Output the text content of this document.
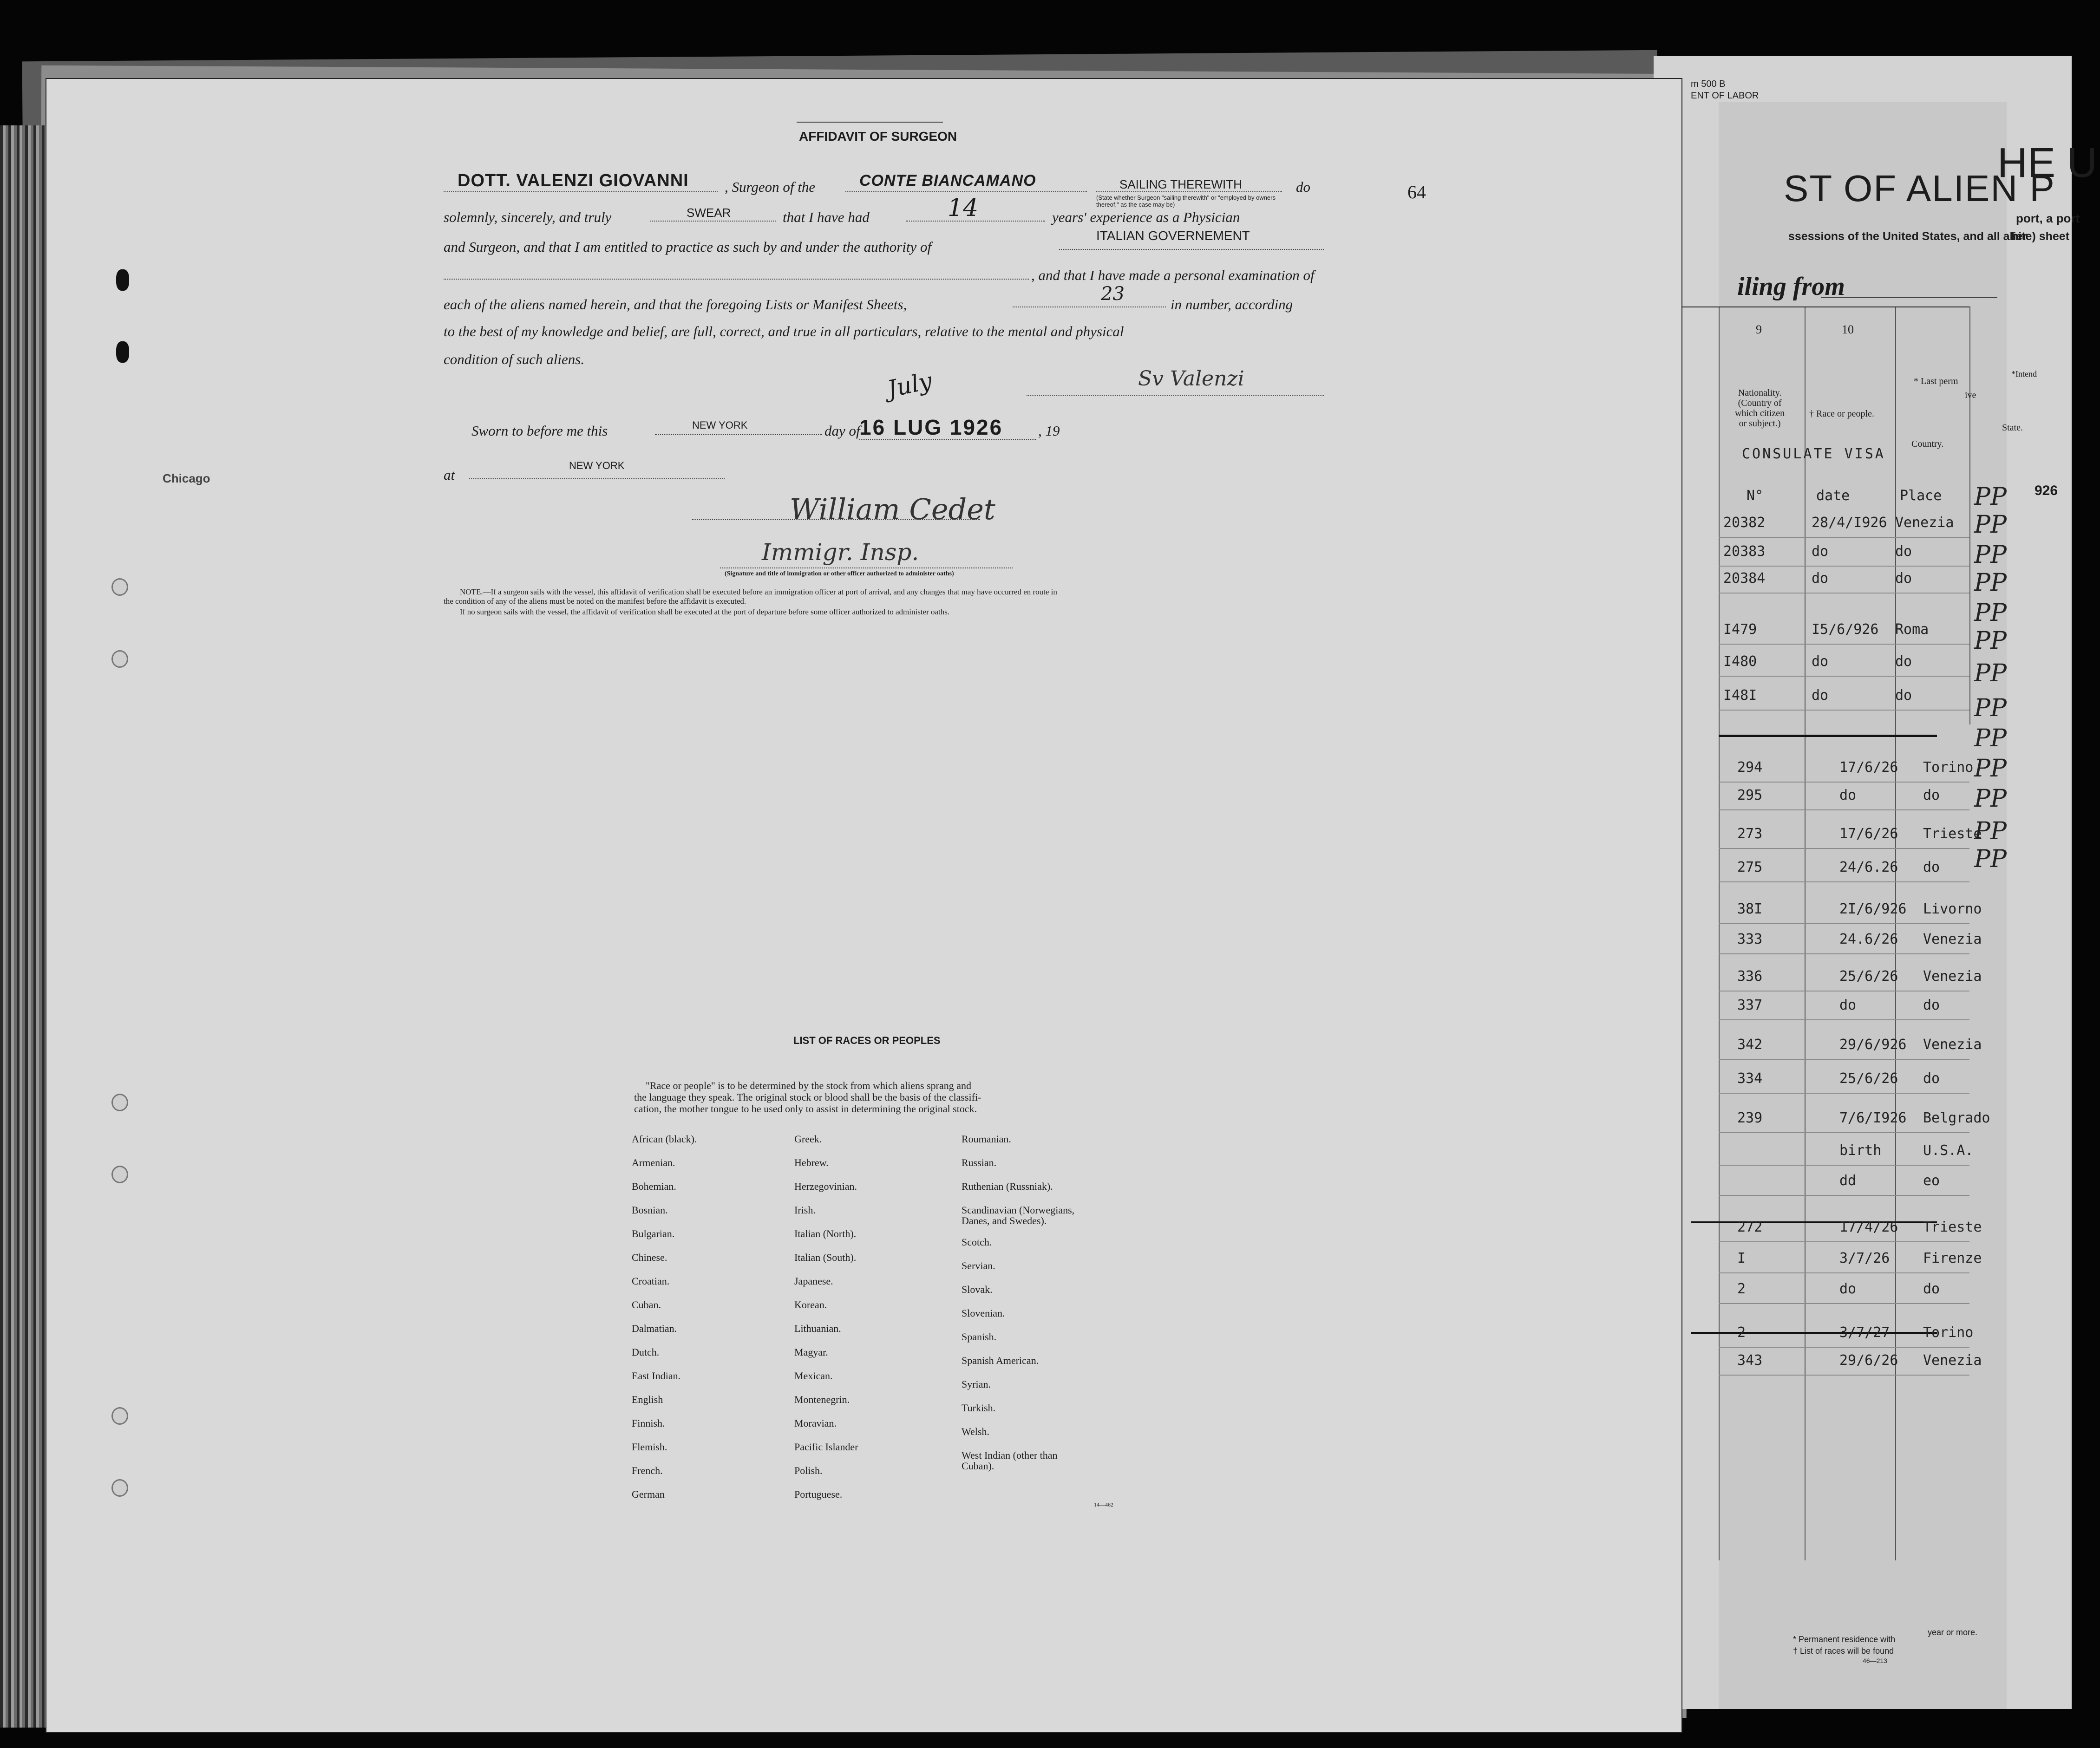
m 500 B
ENT OF LABOR
ST OF ALIEN P
HE U
port, a port
ssessions of the United States, and all alier
hite) sheet
iling from
9	10
Nationality.
(Country of
which citizen
or subject.)
† Race or people.
* Last perm
Country.
ive
State.
*Intend
CONSULATE VISA
N°	date	Place	926
20382	28/4/I926 Venezia
20383	do	do
20384	do	do
I479	I5/6/926 Roma
I480	do	do
I48I	do	do
294	17/6/26 Torino
295	do	do
273	17/6/26 Trieste
275	24/6.26 do
38I	2I/6/926 Livorno
333	24.6/26 Venezia
336	25/6/26 Venezia
337	do	do
342	29/6/926 Venezia
334	25/6/26 do
239	7/6/I926 Belgrado
birth	U.S.A.
dd	eo
272	17/4/26 Trieste
I	3/7/26 Firenze
2	do	do
2	3/7/27 Torino
343	29/6/26 Venezia
PP
PP
PP
PP
PP
PP
PP
PP
PP
PP
PP
PP
PP
* Permanent residence with
† List of races will be found
year or more.
46—213
Chicago
AFFIDAVIT OF SURGEON
DOTT. VALENZI GIOVANNI , Surgeon of the	CONTE BIANCAMANO	SAILING THEREWITH	do
(State whether Surgeon "sailing therewith" or "employed by owners thereof," as the case may be)
64
solemnly, sincerely, and truly	SWEAR	that I have had	14	years' experience as a Physician
and Surgeon, and that I am entitled to practice as such by and under the authority of
ITALIAN GOVERNEMENT
, and that I have made a personal examination of
each of the aliens named herein, and that the foregoing Lists or Manifest Sheets,	23	in number, according
to the best of my knowledge and belief, are full, correct, and true in all particulars, relative to the mental and physical
condition of such aliens.
Sv Valenzi
Sworn to before me this	NEW YORK	day of
July
16 LUG 1926 , 19
at
NEW YORK
William Cedet
Immigr. Insp.
(Signature and title of immigration or other officer authorized to administer oaths)
NOTE.—If a surgeon sails with the vessel, this affidavit of verification shall be executed before an immigration officer at port of arrival, and any changes that may have occurred en route in
the condition of any of the aliens must be noted on the manifest before the affidavit is executed.
If no surgeon sails with the vessel, the affidavit of verification shall be executed at the port of departure before some officer authorized to administer oaths.
LIST OF RACES OR PEOPLES
"Race or people" is to be determined by the stock from which aliens sprang and
the language they speak. The original stock or blood shall be the basis of the classifi-
cation, the mother tongue to be used only to assist in determining the original stock.
African (black).
Armenian.
Bohemian.
Bosnian.
Bulgarian.
Chinese.
Croatian.
Cuban.
Dalmatian.
Dutch.
East Indian.
English
Finnish.
Flemish.
French.
German
Greek.
Hebrew.
Herzegovinian.
Irish.
Italian (North).
Italian (South).
Japanese.
Korean.
Lithuanian.
Magyar.
Mexican.
Montenegrin.
Moravian.
Pacific Islander
Polish.
Portuguese.
Roumanian.
Russian.
Ruthenian (Russniak).
Scandinavian (Norwegians,
Danes, and Swedes).
Scotch.
Servian.
Slovak.
Slovenian.
Spanish.
Spanish American.
Syrian.
Turkish.
Welsh.
West Indian (other than
Cuban).
14—462
